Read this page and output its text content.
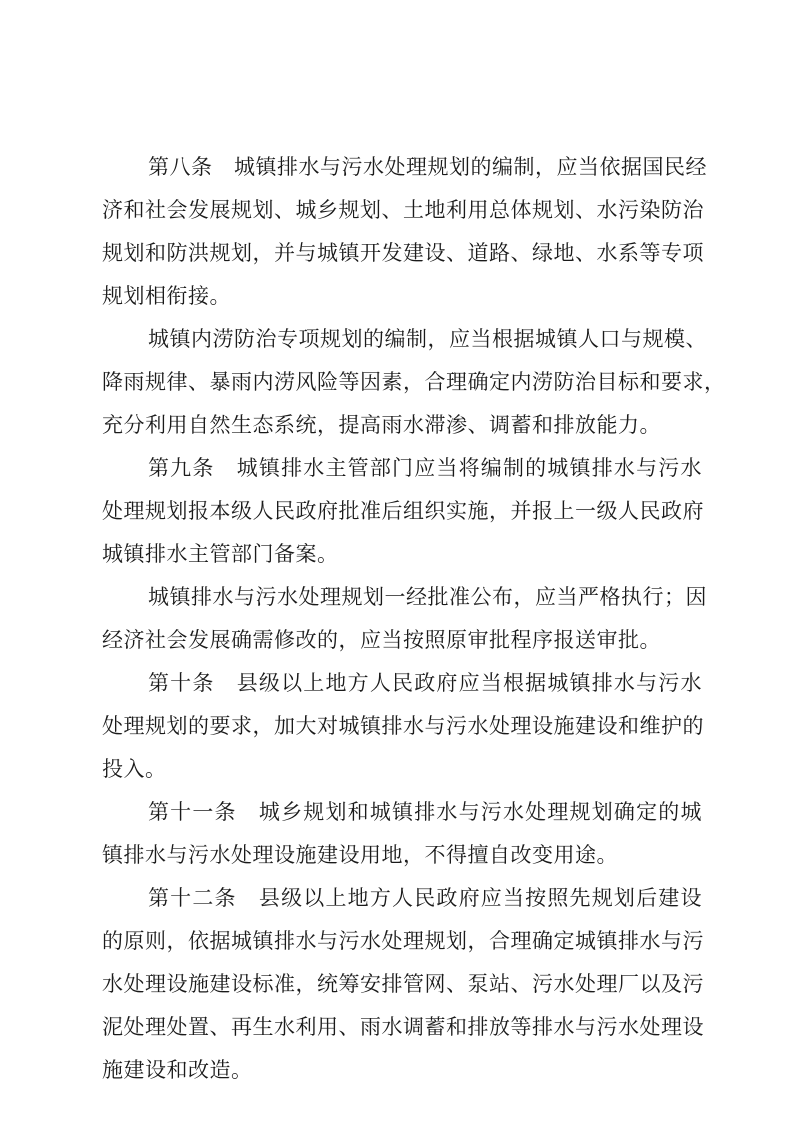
第八条　城镇排水与污水处理规划的编制，应当依据国民经
济和社会发展规划、城乡规划、土地利用总体规划、水污染防治
规划和防洪规划，并与城镇开发建设、道路、绿地、水系等专项
规划相衔接。
城镇内涝防治专项规划的编制，应当根据城镇人口与规模、
降雨规律、暴雨内涝风险等因素，合理确定内涝防治目标和要求，
充分利用自然生态系统，提高雨水滞渗、调蓄和排放能力。
第九条　城镇排水主管部门应当将编制的城镇排水与污水
处理规划报本级人民政府批准后组织实施，并报上一级人民政府
城镇排水主管部门备案。
城镇排水与污水处理规划一经批准公布，应当严格执行；因
经济社会发展确需修改的，应当按照原审批程序报送审批。
第十条　县级以上地方人民政府应当根据城镇排水与污水
处理规划的要求，加大对城镇排水与污水处理设施建设和维护的
投入。
第十一条　城乡规划和城镇排水与污水处理规划确定的城
镇排水与污水处理设施建设用地，不得擅自改变用途。
第十二条　县级以上地方人民政府应当按照先规划后建设
的原则，依据城镇排水与污水处理规划，合理确定城镇排水与污
水处理设施建设标准，统筹安排管网、泵站、污水处理厂以及污
泥处理处置、再生水利用、雨水调蓄和排放等排水与污水处理设
施建设和改造。
